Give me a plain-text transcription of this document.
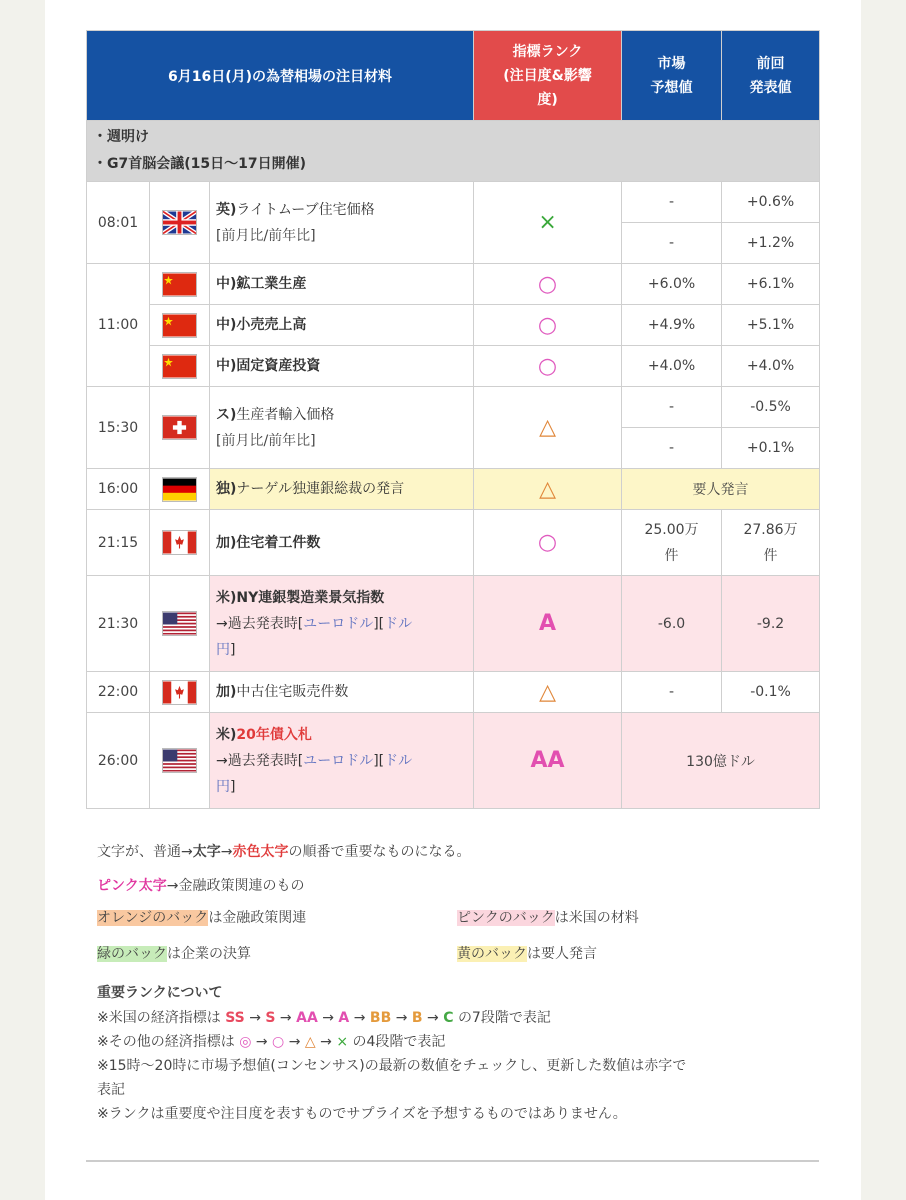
6月16日(月)の為替相場の注目材料			指標ランク
(注目度&影響
度)	市場
予想値	前回
発表値

・週明け
・G7首脳会議(15日～17日開催)					

08:01		英)ライトムーブ住宅価格
[前月比/前年比]	×	-	+0.6%
				-	+1.2%
11:00		中)鉱工業生産	○	+6.0%	+6.1%
	中)小売売上高	○	+4.9%	+5.1%
	中)固定資産投資	○	+4.0%	+4.0%
15:30		ス)生産者輸入価格
[前月比/前年比]	△	-	-0.5%
				-	+0.1%
16:00		独)ナーゲル独連銀総裁の発言	△	要人発言	
21:15		加)住宅着工件数	○	25.00万
件	27.86万
件
21:30		米)NY連銀製造業景気指数
→過去発表時[ユーロドル][ドル
円]	A	-6.0	-9.2
22:00		加)中古住宅販売件数	△	-	-0.1%
26:00		米)20年債入札
→過去発表時[ユーロドル][ドル
円]	AA	130億ドル	

文字が、普通→太字→赤色太字の順番で重要なものになる。

ピンク太字→金融政策関連のもの

オレンジのバックは金融政策関連	ピンクのバックは米国の材料
緑のバックは企業の決算	黄のバックは要人発言

重要ランクについて

※米国の経済指標は SS → S → AA → A → BB → B → C の7段階で表記

※その他の経済指標は ◎ → ○ → △ → × の4段階で表記

※15時～20時に市場予想値(コンセンサス)の最新の数値をチェックし、更新した数値は赤字で
表記

※ランクは重要度や注目度を表すものでサプライズを予想するものではありません。
